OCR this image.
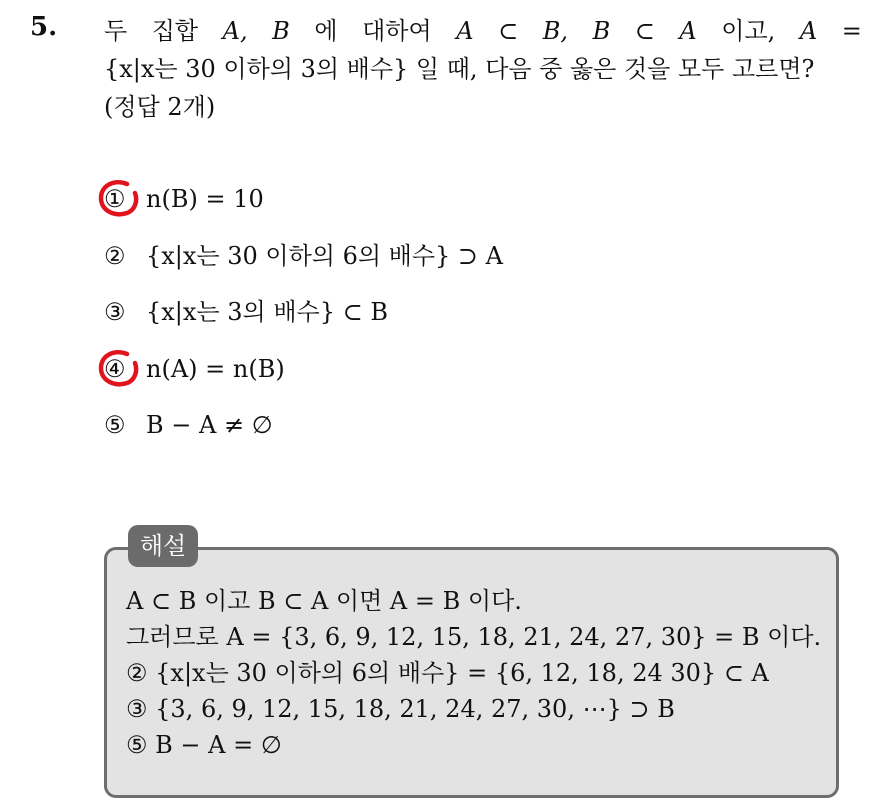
5. 두 집합 A, B 에 대하여 A ⊂ B, B ⊂ A 이고, A =
{x|x는 30 이하의 3의 배수} 일 때, 다음 중 옳은 것을 모두 고르면?
(정답 2개)
① n(B) = 10
② {x|x는 30 이하의 6의 배수} ⊃ A
③ {x|x는 3의 배수} ⊂ B
④ n(A) = n(B)
⑤ B − A ≠ ∅
해설
A ⊂ B 이고 B ⊂ A 이면 A = B 이다.
그러므로 A = {3, 6, 9, 12, 15, 18, 21, 24, 27, 30} = B 이다.
② {x|x는 30 이하의 6의 배수} = {6, 12, 18, 24 30} ⊂ A
③ {3, 6, 9, 12, 15, 18, 21, 24, 27, 30, ⋯} ⊃ B
⑤ B − A = ∅
